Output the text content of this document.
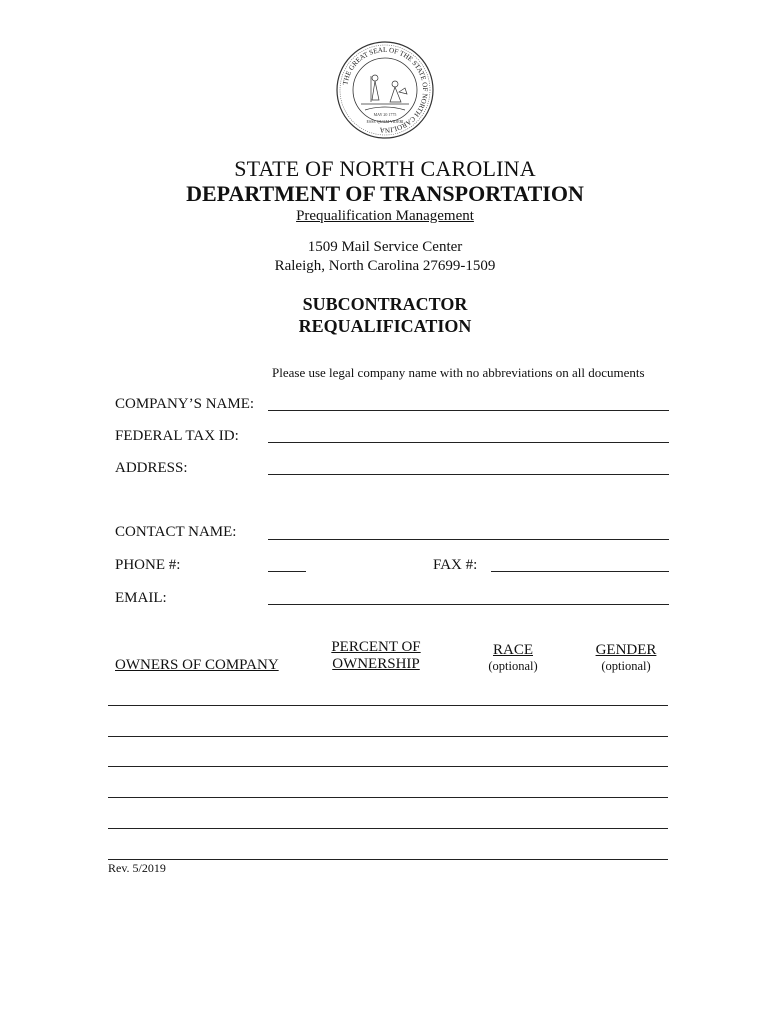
THE GREAT SEAL OF THE STATE OF NORTH CAROLINA
MAY 20 1775
ESSE QUAM VIDERI
STATE OF NORTH CAROLINA
DEPARTMENT OF TRANSPORTATION
Prequalification Management
1509 Mail Service Center
Raleigh, North Carolina 27699-1509
SUBCONTRACTOR
REQUALIFICATION
Please use legal company name with no abbreviations on all documents
COMPANY’S NAME:
FEDERAL TAX ID:
ADDRESS:
CONTACT NAME:
PHONE #:	FAX #:
EMAIL:
OWNERS OF COMPANY
PERCENT OF
OWNERSHIP
RACE
(optional)
GENDER
(optional)
Rev. 5/2019
